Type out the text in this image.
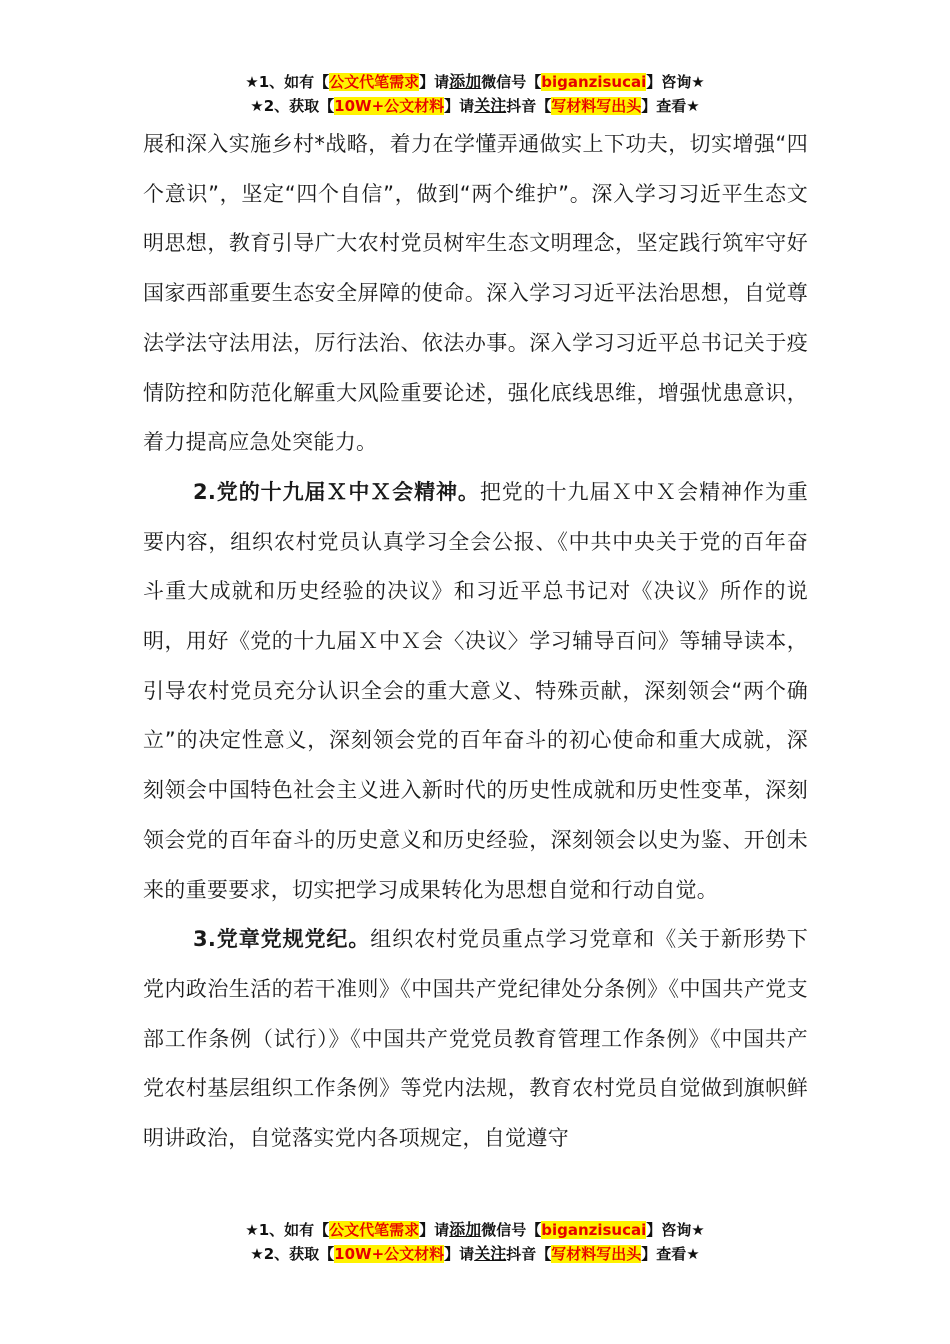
★1、如有【公文代笔需求】请添加微信号【biganzisucai】咨询★
★2、获取【10W+公文材料】请关注抖音【写材料写出头】查看★

展和深入实施乡村*战略，着力在学懂弄通做实上下功夫，切实增强“四个意识”，坚定“四个自信”，做到“两个维护”。深入学习习近平生态文明思想，教育引导广大农村党员树牢生态文明理念，坚定践行筑牢守好国家西部重要生态安全屏障的使命。深入学习习近平法治思想，自觉尊法学法守法用法，厉行法治、依法办事。深入学习习近平总书记关于疫情防控和防范化解重大风险重要论述，强化底线思维，增强忧患意识，着力提高应急处突能力。

2.党的十九届Ｘ中Ｘ会精神。把党的十九届Ｘ中Ｘ会精神作为重要内容，组织农村党员认真学习全会公报、《中共中央关于党的百年奋斗重大成就和历史经验的决议》和习近平总书记对《决议》所作的说明，用好《党的十九届Ｘ中Ｘ会〈决议〉学习辅导百问》等辅导读本，引导农村党员充分认识全会的重大意义、特殊贡献，深刻领会“两个确立”的决定性意义，深刻领会党的百年奋斗的初心使命和重大成就，深刻领会中国特色社会主义进入新时代的历史性成就和历史性变革，深刻领会党的百年奋斗的历史意义和历史经验，深刻领会以史为鉴、开创未来的重要要求，切实把学习成果转化为思想自觉和行动自觉。

3.党章党规党纪。组织农村党员重点学习党章和《关于新形势下党内政治生活的若干准则》《中国共产党纪律处分条例》《中国共产党支部工作条例（试行）》《中国共产党党员教育管理工作条例》《中国共产党农村基层组织工作条例》等党内法规，教育农村党员自觉做到旗帜鲜明讲政治，自觉落实党内各项规定，自觉遵守

★1、如有【公文代笔需求】请添加微信号【biganzisucai】咨询★
★2、获取【10W+公文材料】请关注抖音【写材料写出头】查看★
